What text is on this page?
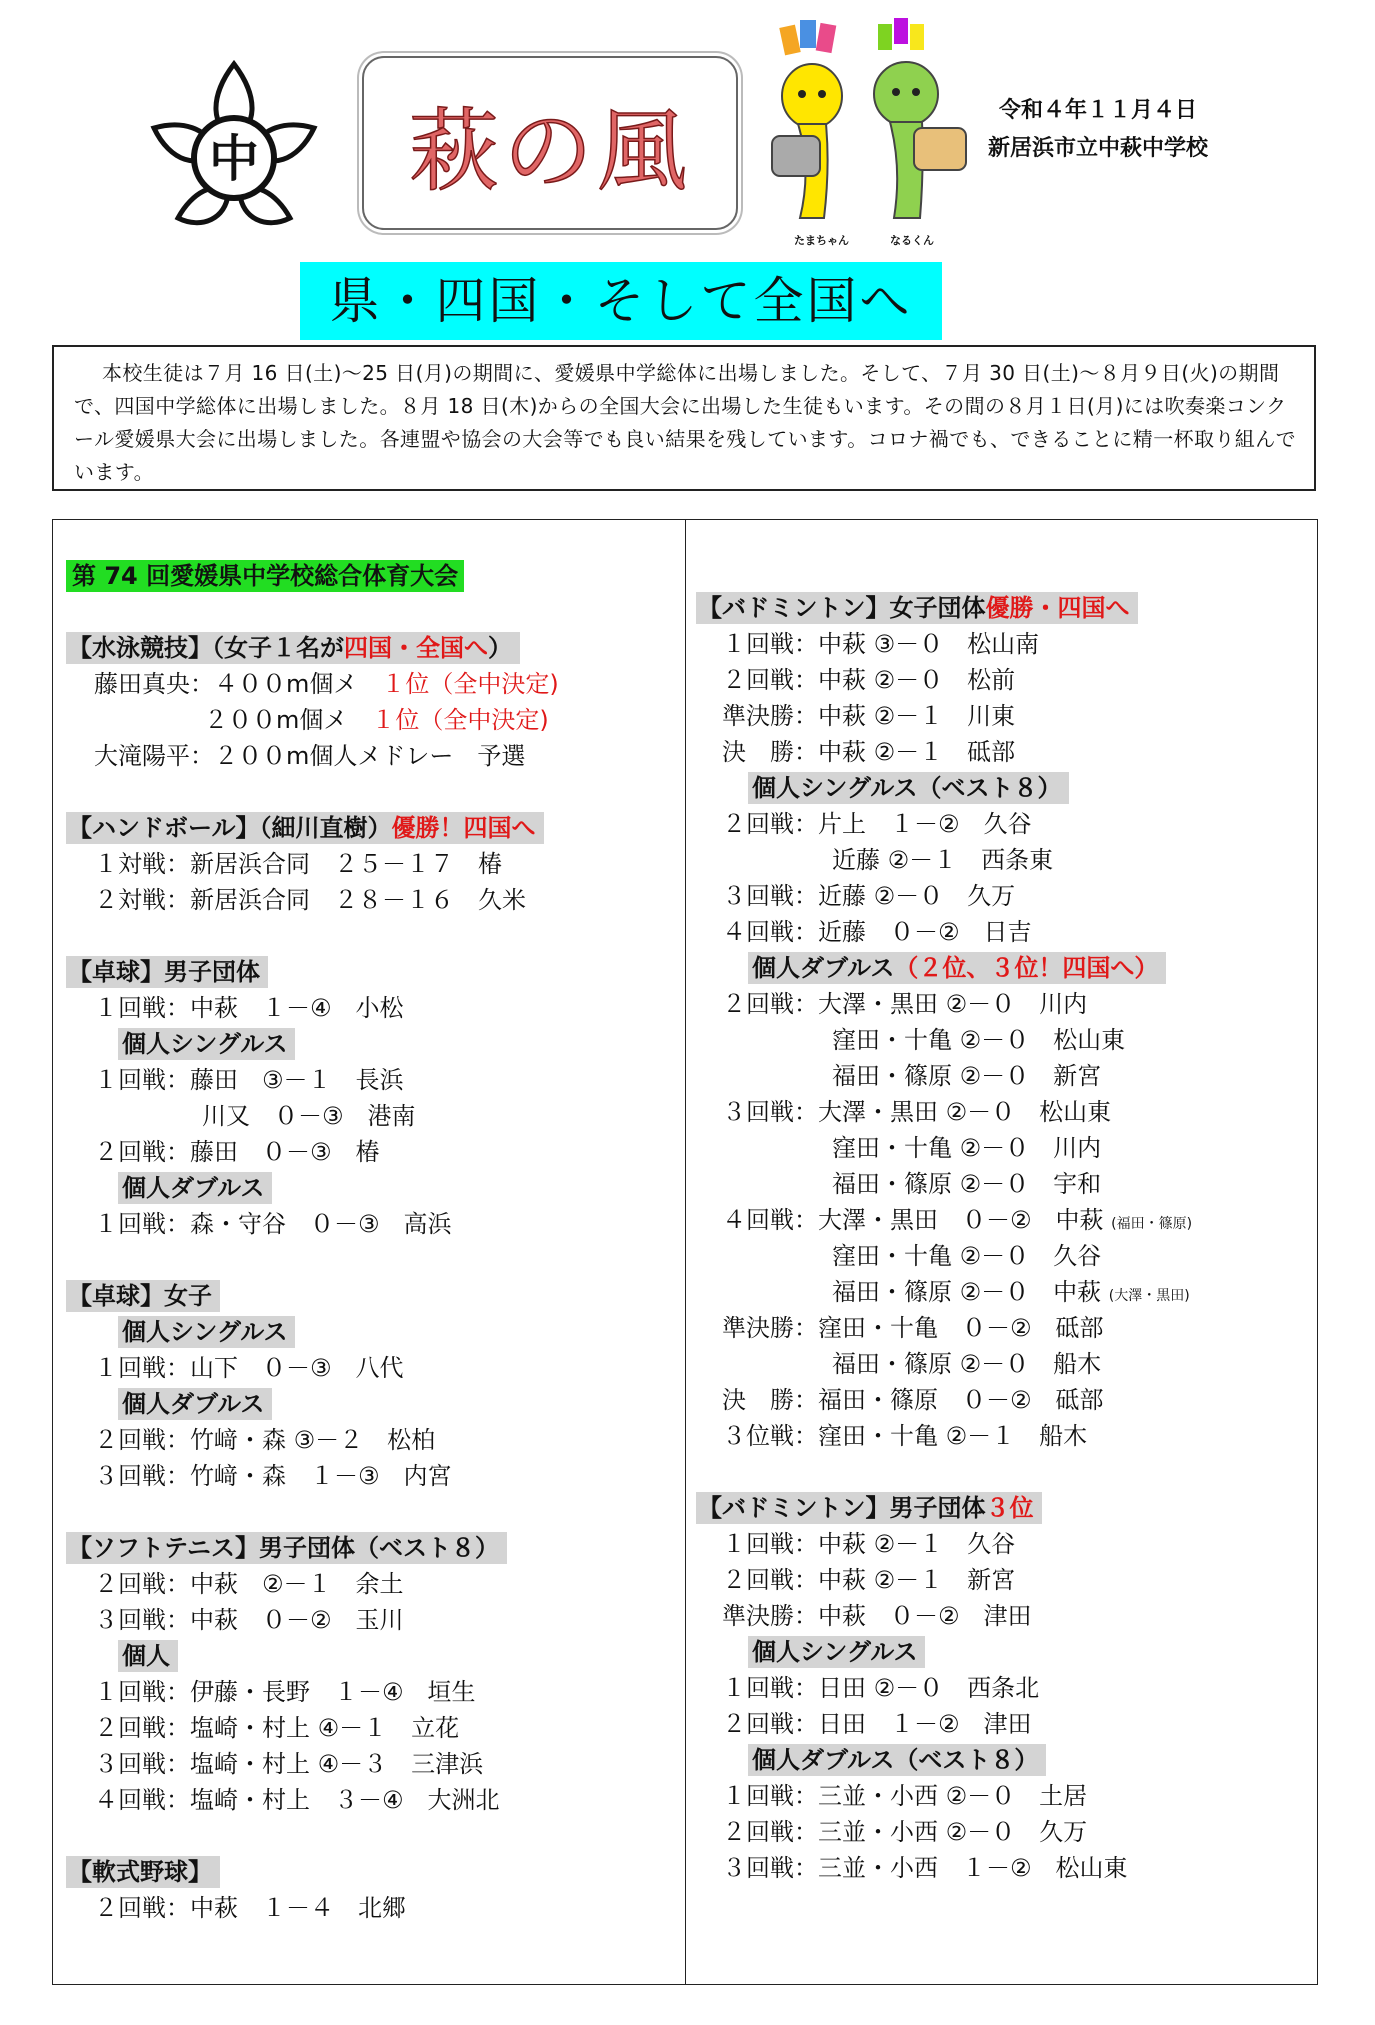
中 萩の風
たまちゃん	なるくん
令和４年１１月４日
新居浜市立中萩中学校
県・四国・そして全国へ

本校生徒は７月 16 日(土)～25 日(月)の期間に、愛媛県中学総体に出場しました。そして、７月 30 日(土)～８月９日(火)の期間で、四国中学総体に出場しました。８月 18 日(木)からの全国大会に出場した生徒もいます。その間の８月１日(月)には吹奏楽コンクール愛媛県大会に出場しました。各連盟や協会の大会等でも良い結果を残しています。コロナ禍でも、できることに精一杯取り組んでいます。

第 74 回愛媛県中学校総合体育大会
【水泳競技】（女子１名が四国・全国へ）
藤田真央：４００m個メ　 １位（全中決定)
２００m個メ　 １位（全中決定)
大滝陽平：２００m個人メドレー　予選
【ハンドボール】（細川直樹）優勝！四国へ
１対戦：新居浜合同　２５－１７　椿
２対戦：新居浜合同　２８－１６　久米
【卓球】男子団体
１回戦：中萩　１－④　小松
個人シングルス
１回戦：藤田　③－１　長浜
川又　０－③　港南
２回戦：藤田　０－③　椿
個人ダブルス
１回戦：森・守谷　０－③　高浜
【卓球】女子
個人シングルス
１回戦：山下　０－③　八代
個人ダブルス
２回戦：竹﨑・森 ③－２　松柏
３回戦：竹﨑・森　１－③　内宮
【ソフトテニス】男子団体（ベスト８）
２回戦：中萩　②－１　余土
３回戦：中萩　０－②　玉川
個人
１回戦：伊藤・長野　１－④　垣生
２回戦：塩崎・村上 ④－１　立花
３回戦：塩崎・村上 ④－３　三津浜
４回戦：塩崎・村上　３－④　大洲北
【軟式野球】
２回戦：中萩　１－４　北郷
【バドミントン】女子団体優勝・四国へ
１回戦：中萩 ③－０　松山南
２回戦：中萩 ②－０　松前
準決勝：中萩 ②－１　川東
決　勝：中萩 ②－１　砥部
個人シングルス（ベスト８）
２回戦：片上　１－②　久谷
近藤 ②－１　西条東
３回戦：近藤 ②－０　久万
４回戦：近藤　０－②　日吉
個人ダブルス（２位、３位！四国へ）
２回戦：大澤・黒田 ②－０　川内
窪田・十亀 ②－０　松山東
福田・篠原 ②－０　新宮
３回戦：大澤・黒田 ②－０　松山東
窪田・十亀 ②－０　川内
福田・篠原 ②－０　宇和
４回戦：大澤・黒田　０－②　中萩 (福田・篠原)
窪田・十亀 ②－０　久谷
福田・篠原 ②－０　中萩 (大澤・黒田)
準決勝：窪田・十亀　０－②　砥部
福田・篠原 ②－０　船木
決　勝：福田・篠原　０－②　砥部
３位戦：窪田・十亀 ②－１　船木
【バドミントン】男子団体３位
１回戦：中萩 ②－１　久谷
２回戦：中萩 ②－１　新宮
準決勝：中萩　０－②　津田
個人シングルス
１回戦：日田 ②－０　西条北
２回戦：日田　１－②　津田
個人ダブルス（ベスト８）
１回戦：三並・小西 ②－０　土居
２回戦：三並・小西 ②－０　久万
３回戦：三並・小西　１－②　松山東
